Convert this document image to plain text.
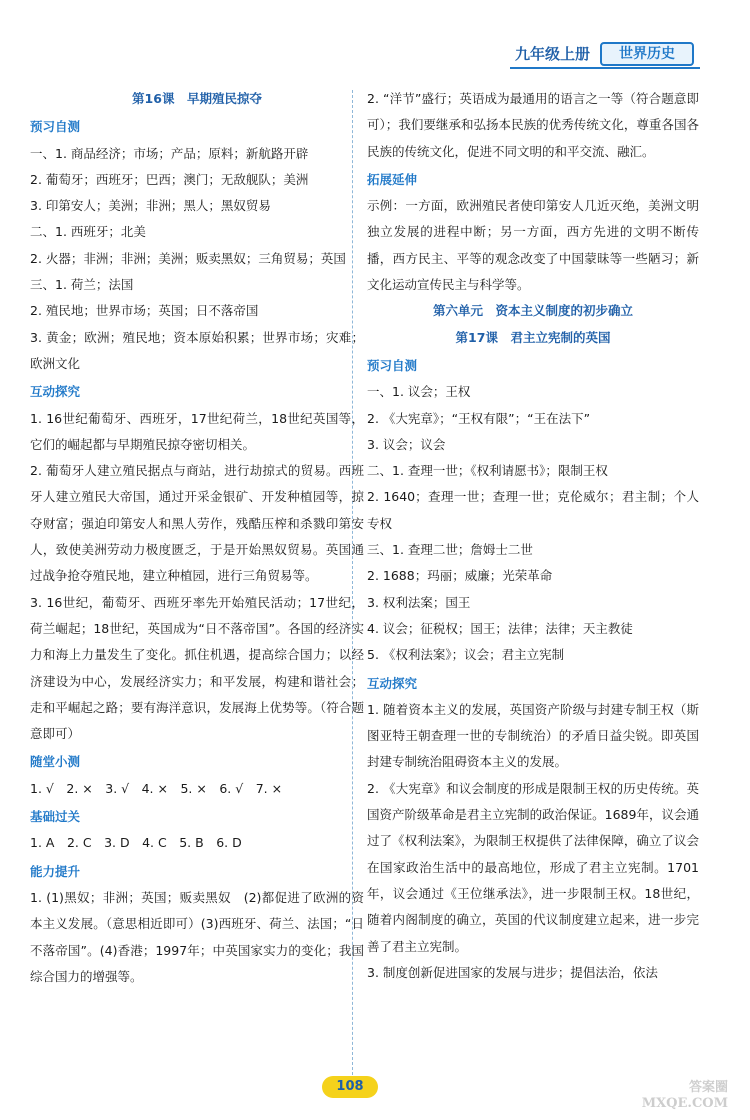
九年级上册	世界历史
第16课　早期殖民掠夺
预习自测
一、1. 商品经济；市场；产品；原料；新航路开辟
2. 葡萄牙；西班牙；巴西；澳门；无敌舰队；美洲
3. 印第安人；美洲；非洲；黑人；黑奴贸易
二、1. 西班牙；北美
2. 火器；非洲；非洲；美洲；贩卖黑奴；三角贸易；英国
三、1. 荷兰；法国
2. 殖民地；世界市场；英国；日不落帝国
3. 黄金；欧洲；殖民地；资本原始积累；世界市场；灾难；欧洲文化
互动探究
1. 16世纪葡萄牙、西班牙，17世纪荷兰，18世纪英国等，它们的崛起都与早期殖民掠夺密切相关。
2. 葡萄牙人建立殖民据点与商站，进行劫掠式的贸易。西班牙人建立殖民大帝国，通过开采金银矿、开发种植园等，掠夺财富；强迫印第安人和黑人劳作，残酷压榨和杀戮印第安人，致使美洲劳动力极度匮乏，于是开始黑奴贸易。英国通过战争抢夺殖民地，建立种植园，进行三角贸易等。
3. 16世纪，葡萄牙、西班牙率先开始殖民活动；17世纪，荷兰崛起；18世纪，英国成为“日不落帝国”。各国的经济实力和海上力量发生了变化。抓住机遇，提高综合国力；以经济建设为中心，发展经济实力；和平发展，构建和谐社会；走和平崛起之路；要有海洋意识，发展海上优势等。（符合题意即可）
随堂小测
1. √　2. ×　3. √　4. ×　5. ×　6. √　7. ×
基础过关
1. A　2. C　3. D　4. C　5. B　6. D
能力提升
1. (1)黑奴；非洲；英国；贩卖黑奴　(2)都促进了欧洲的资本主义发展。（意思相近即可）(3)西班牙、荷兰、法国；“日不落帝国”。(4)香港；1997年；中英国家实力的变化；我国综合国力的增强等。
2. “洋节”盛行；英语成为最通用的语言之一等（符合题意即可）；我们要继承和弘扬本民族的优秀传统文化，尊重各国各民族的传统文化，促进不同文明的和平交流、融汇。
拓展延伸
示例：一方面，欧洲殖民者使印第安人几近灭绝，美洲文明独立发展的进程中断；另一方面，西方先进的文明不断传播，西方民主、平等的观念改变了中国蒙昧等一些陋习；新文化运动宣传民主与科学等。
第六单元　资本主义制度的初步确立
第17课　君主立宪制的英国
预习自测
一、1. 议会；王权
2. 《大宪章》；“王权有限”；“王在法下”
3. 议会；议会
二、1. 查理一世；《权利请愿书》；限制王权
2. 1640；查理一世；查理一世；克伦威尔；君主制；个人专权
三、1. 查理二世；詹姆士二世
2. 1688；玛丽；威廉；光荣革命
3. 权利法案；国王
4. 议会；征税权；国王；法律；法律；天主教徒
5. 《权利法案》；议会；君主立宪制
互动探究
1. 随着资本主义的发展，英国资产阶级与封建专制王权（斯图亚特王朝查理一世的专制统治）的矛盾日益尖锐。即英国封建专制统治阻碍资本主义的发展。
2. 《大宪章》和议会制度的形成是限制王权的历史传统。英国资产阶级革命是君主立宪制的政治保证。1689年，议会通过了《权利法案》，为限制王权提供了法律保障，确立了议会在国家政治生活中的最高地位，形成了君主立宪制。1701年，议会通过《王位继承法》，进一步限制王权。18世纪，随着内阁制度的确立，英国的代议制度建立起来，进一步完善了君主立宪制。
3. 制度创新促进国家的发展与进步；提倡法治，依法
108	答案圈
MXQE.COM
